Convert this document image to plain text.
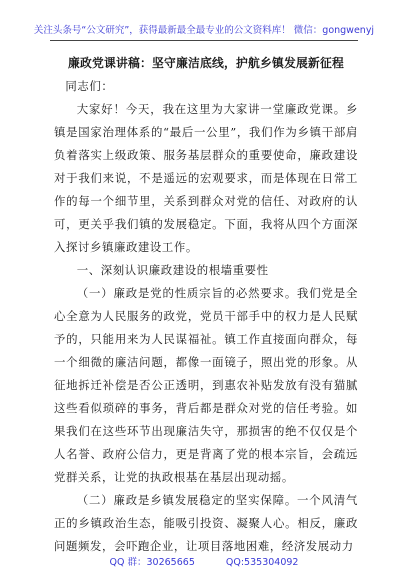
关注头条号“公文研究”，获得最新最全最专业的公文资料库！ 微信：gongwenyj
廉政党课讲稿：坚守廉洁底线，护航乡镇发展新征程

同志们：

大家好！今天，我在这里为大家讲一堂廉政党课。乡镇是国家治理体系的“最后一公里”，我们作为乡镇干部肩负着落实上级政策、服务基层群众的重要使命，廉政建设对于我们来说，不是遥远的宏观要求，而是体现在日常工作的每一个细节里，关系到群众对党的信任、对政府的认可，更关乎我们镇的发展稳定。下面，我将从四个方面深入探讨乡镇廉政建设工作。

一、深刻认识廉政建设的根墙重要性

（一）廉政是党的性质宗旨的必然要求。我们党是全心全意为人民服务的政党，党员干部手中的权力是人民赋予的，只能用来为人民谋福祉。镇工作直接面向群众，每一个细微的廉洁问题，都像一面镜子，照出党的形象。从征地拆迁补偿是否公正透明，到惠农补贴发放有没有猫腻这些看似琐碎的事务，背后都是群众对党的信任考验。如果我们在这些环节出现廉洁失守，那损害的绝不仅仅是个人名誉、政府公信力，更是背离了党的根本宗旨，会疏远党群关系，让党的执政根基在基层出现动摇。

（二）廉政是乡镇发展稳定的坚实保障。一个风清气正的乡镇政治生态，能吸引投资、凝聚人心。相反，廉政问题频发，会吓跑企业，让项目落地困难，经济发展动力

QQ 群：30265665	QQ:535304092
